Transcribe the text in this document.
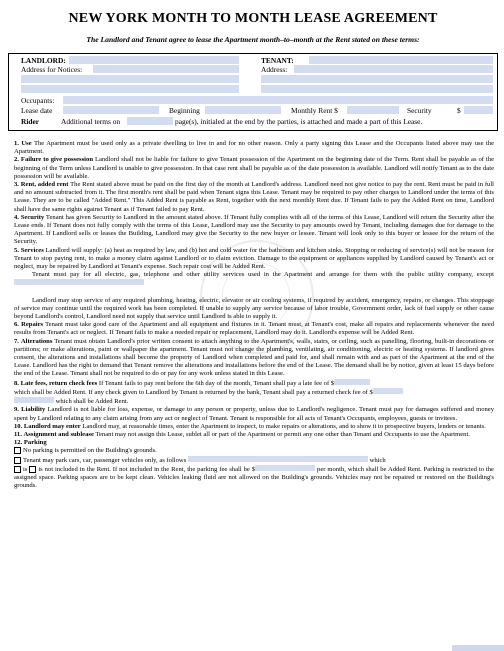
NEW YORK MONTH TO MONTH LEASE AGREEMENT
The Landlord and Tenant agree to lease the Apartment month–to–month at the Rent stated on these terms:
LANDLORD:	TENANT:
Address for Notices:	Address:
Occupants:
Lease date	Beginning	Monthly Rent $	Security	$
Rider	Additional terms on	page(s), initialed at the end by the parties, is attached and made a part of this Lease.

1. Use The Apartment must be used only as a private dwelling to live in and for no other reason. Only a party signing this Lease and the Occupants listed above may use the Apartment.

2. Failure to give possession Landlord shall not be liable for failure to give Tenant possession of the Apartment on the beginning date of the Term. Rent shall be payable as of the beginning of the Term unless Landlord is unable to give possession. In that case rent shall be payable as of the date possession is available. Landlord will notify Tenant as to the date possession will be available.

3. Rent, added rent The Rent stated above must be paid on the first day of the month at Landlord's address. Landlord need not give notice to pay the rent. Rent must be paid in full and no amount subtracted from it. The first month's rent shall be paid when Tenant signs this Lease. Tenant may be required to pay other charges to Landlord under the terms of this Lease. They are to be called "Added Rent." This Added Rent is payable as Rent, together with the next monthly Rent due. If Tenant fails to pay the Added Rent on time, Landlord shall have the same rights against Tenant as if Tenant failed to pay Rent.

4. Security Tenant has given Security to Landlord in the amount stated above. If Tenant fully complies with all of the terms of this Lease, Landlord will return the Security after the Lease ends. If Tenant does not fully comply with the terms of this Lease, Landlord may use the Security to pay amounts owed by Tenant, including damages due for damage to the Apartment. If Landlord sells or leases the Building, Landlord may give the Security to the new buyer or lessee. Tenant will look only to this buyer or lessee for the return of the Security.

5. Services Landlord will supply: (a) heat as required by law, and (b) hot and cold water for the bathroom and kitchen sinks. Stopping or reducing of service(s) will not be reason for Tenant to stop paying rent, to make a money claim against Landlord or to claim eviction. Damage to the equipment or appliances supplied by Landlord caused by Tenant's act or neglect, may be repaired by Landlord at Tenant's expense. Such repair cost will be Added Rent.

Tenant must pay for all electric, gas, telephone and other utility services used in the Apartment and arrange for them with the public utility company, except

Landlord may stop service of any required plumbing, heating, electric, elevator or air cooling systems, if required by accident, emergency, repairs, or changes. This stoppage of service may continue until the required work has been completed. If unable to supply any service because of labor trouble, Government order, lack of fuel supply or other cause beyond Landlord's control, Landlord need not supply that service until Landlord is able to supply it.

6. Repairs Tenant must take good care of the Apartment and all equipment and fixtures in it. Tenant must, at Tenant's cost, make all repairs and replacements whenever the need results from Tenant's act or neglect. If Tenant fails to make a needed repair or replacement, Landlord may do it. Landlord's expense will be Added Rent.

7. Alterations Tenant must obtain Landlord's prior written consent to attach anything to the Apartment's, walls, stairs, or ceiling, such as panelling, flooring, built-in decorations or partitions; or make alterations, paint or wallpaper the apartment. Tenant must not change the plumbing, ventilating, air conditioning, electric or heating systems. If landlord gives consent, the alterations and installations shall become the property of Landlord when completed and paid for, and shall remain with and as part of the Apartment at the end of the Lease. Landlord has the right to demand that Tenant remove the alterations and installations before the end of the Lease. The demand shall be by notice, given at least 15 days before the end of the Lease. Tenant shall not be required to do or pay for any work unless stated in this Lease.

8. Late fees, return check fees If Tenant fails to pay rent before the 6th day of the month, Tenant shall pay a late fee of $

which shall be Added Rent. If any check given to Landlord by Tenant is returned by the bank, Tenant shall pay a returned check fee of $

which shall be Added Rent.

9. Liability Landlord is not liable for loss, expense, or damage to any person or property, unless due to Landlord's negligence. Tenant must pay for damages suffered and money spent by Landlord relating to any claim arising from any act or neglect of Tenant. Tenant is responsible for all acts of Tenant's Occupants, employees, guests or invitees.

10. Landlord may enter Landlord may, at reasonable times, enter the Apartment to inspect, to make repairs or alterations, and to show it to prospective buyers, lenders or tenants.

11. Assignment and sublease Tenant may not assign this Lease, sublet all or part of the Apartment or permit any one other than Tenant and Occupants to use the Apartment.

12. Parking

No parking is permitted on the Building's grounds.

Tenant may park cars, car, passenger vehicles only, as follows	which

is is not included in the Rent. If not included in the Rent, the parking fee shall be $	per month, which shall be Added Rent. Parking is restricted to the assigned space. Parking spaces are to be kept clean. Vehicles leaking fluid are not allowed on the Building's grounds. Vehicles may not be repaired or restored on the Building's grounds.
